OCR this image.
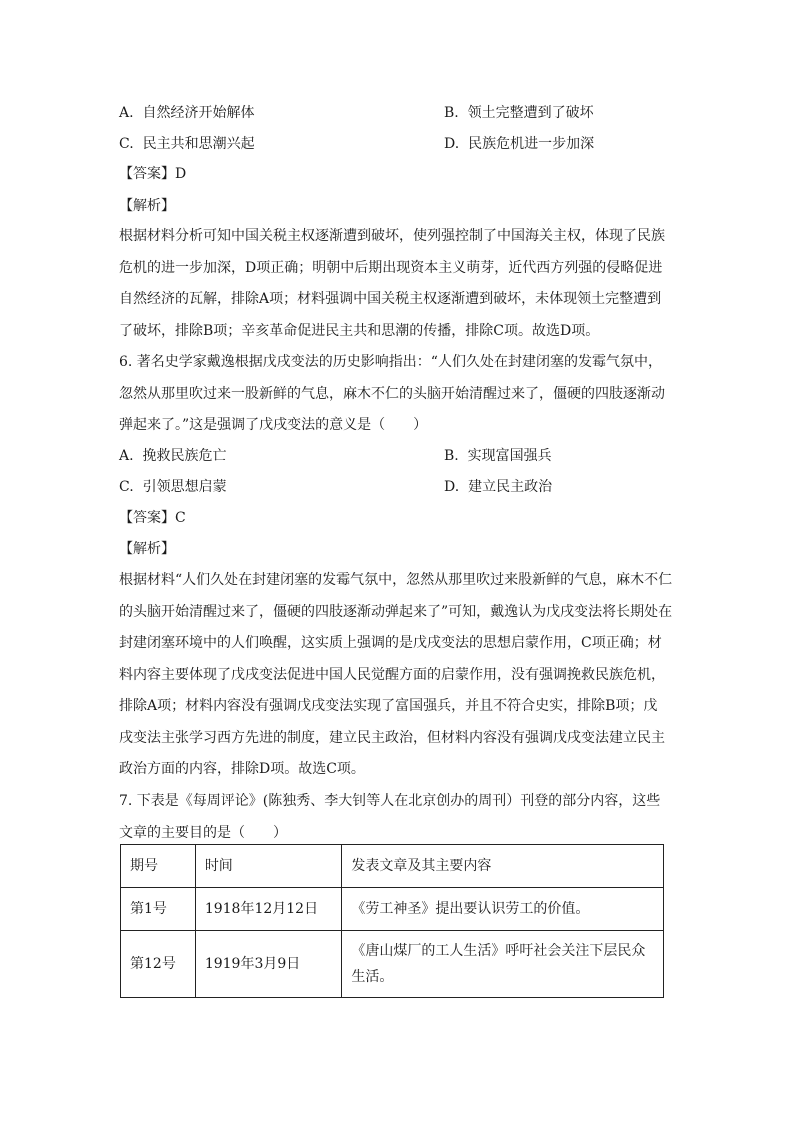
A. 自然经济开始解体	B. 领土完整遭到了破坏
C. 民主共和思潮兴起	D. 民族危机进一步加深
【答案】D
【解析】
根据材料分析可知中国关税主权逐渐遭到破坏，使列强控制了中国海关主权，体现了民族
危机的进一步加深，D项正确；明朝中后期出现资本主义萌芽，近代西方列强的侵略促进
自然经济的瓦解，排除A项；材料强调中国关税主权逐渐遭到破坏，未体现领土完整遭到
了破坏，排除B项；辛亥革命促进民主共和思潮的传播，排除C项。故选D项。
6. 著名史学家戴逸根据戊戌变法的历史影响指出：“人们久处在封建闭塞的发霉气氛中，
忽然从那里吹过来一股新鲜的气息，麻木不仁的头脑开始清醒过来了，僵硬的四肢逐渐动
弹起来了。”这是强调了戊戌变法的意义是（　　）
A. 挽救民族危亡	B. 实现富国强兵
C. 引领思想启蒙	D. 建立民主政治
【答案】C
【解析】
根据材料“人们久处在封建闭塞的发霉气氛中，忽然从那里吹过来股新鲜的气息，麻木不仁
的头脑开始清醒过来了，僵硬的四肢逐渐动弹起来了”可知，戴逸认为戊戌变法将长期处在
封建闭塞环境中的人们唤醒，这实质上强调的是戊戌变法的思想启蒙作用，C项正确；材
料内容主要体现了戊戌变法促进中国人民觉醒方面的启蒙作用，没有强调挽救民族危机，
排除A项；材料内容没有强调戊戌变法实现了富国强兵，并且不符合史实，排除B项；戊
戌变法主张学习西方先进的制度，建立民主政治，但材料内容没有强调戊戌变法建立民主
政治方面的内容，排除D项。故选C项。
7. 下表是《每周评论》(陈独秀、李大钊等人在北京创办的周刊）刊登的部分内容，这些
文章的主要目的是（　　）
期号	时间	发表文章及其主要内容
第1号	1918年12月12日	《劳工神圣》提出要认识劳工的价值。
第12号	1919年3月9日	《唐山煤厂的工人生活》呼吁社会关注下层民众生活。
